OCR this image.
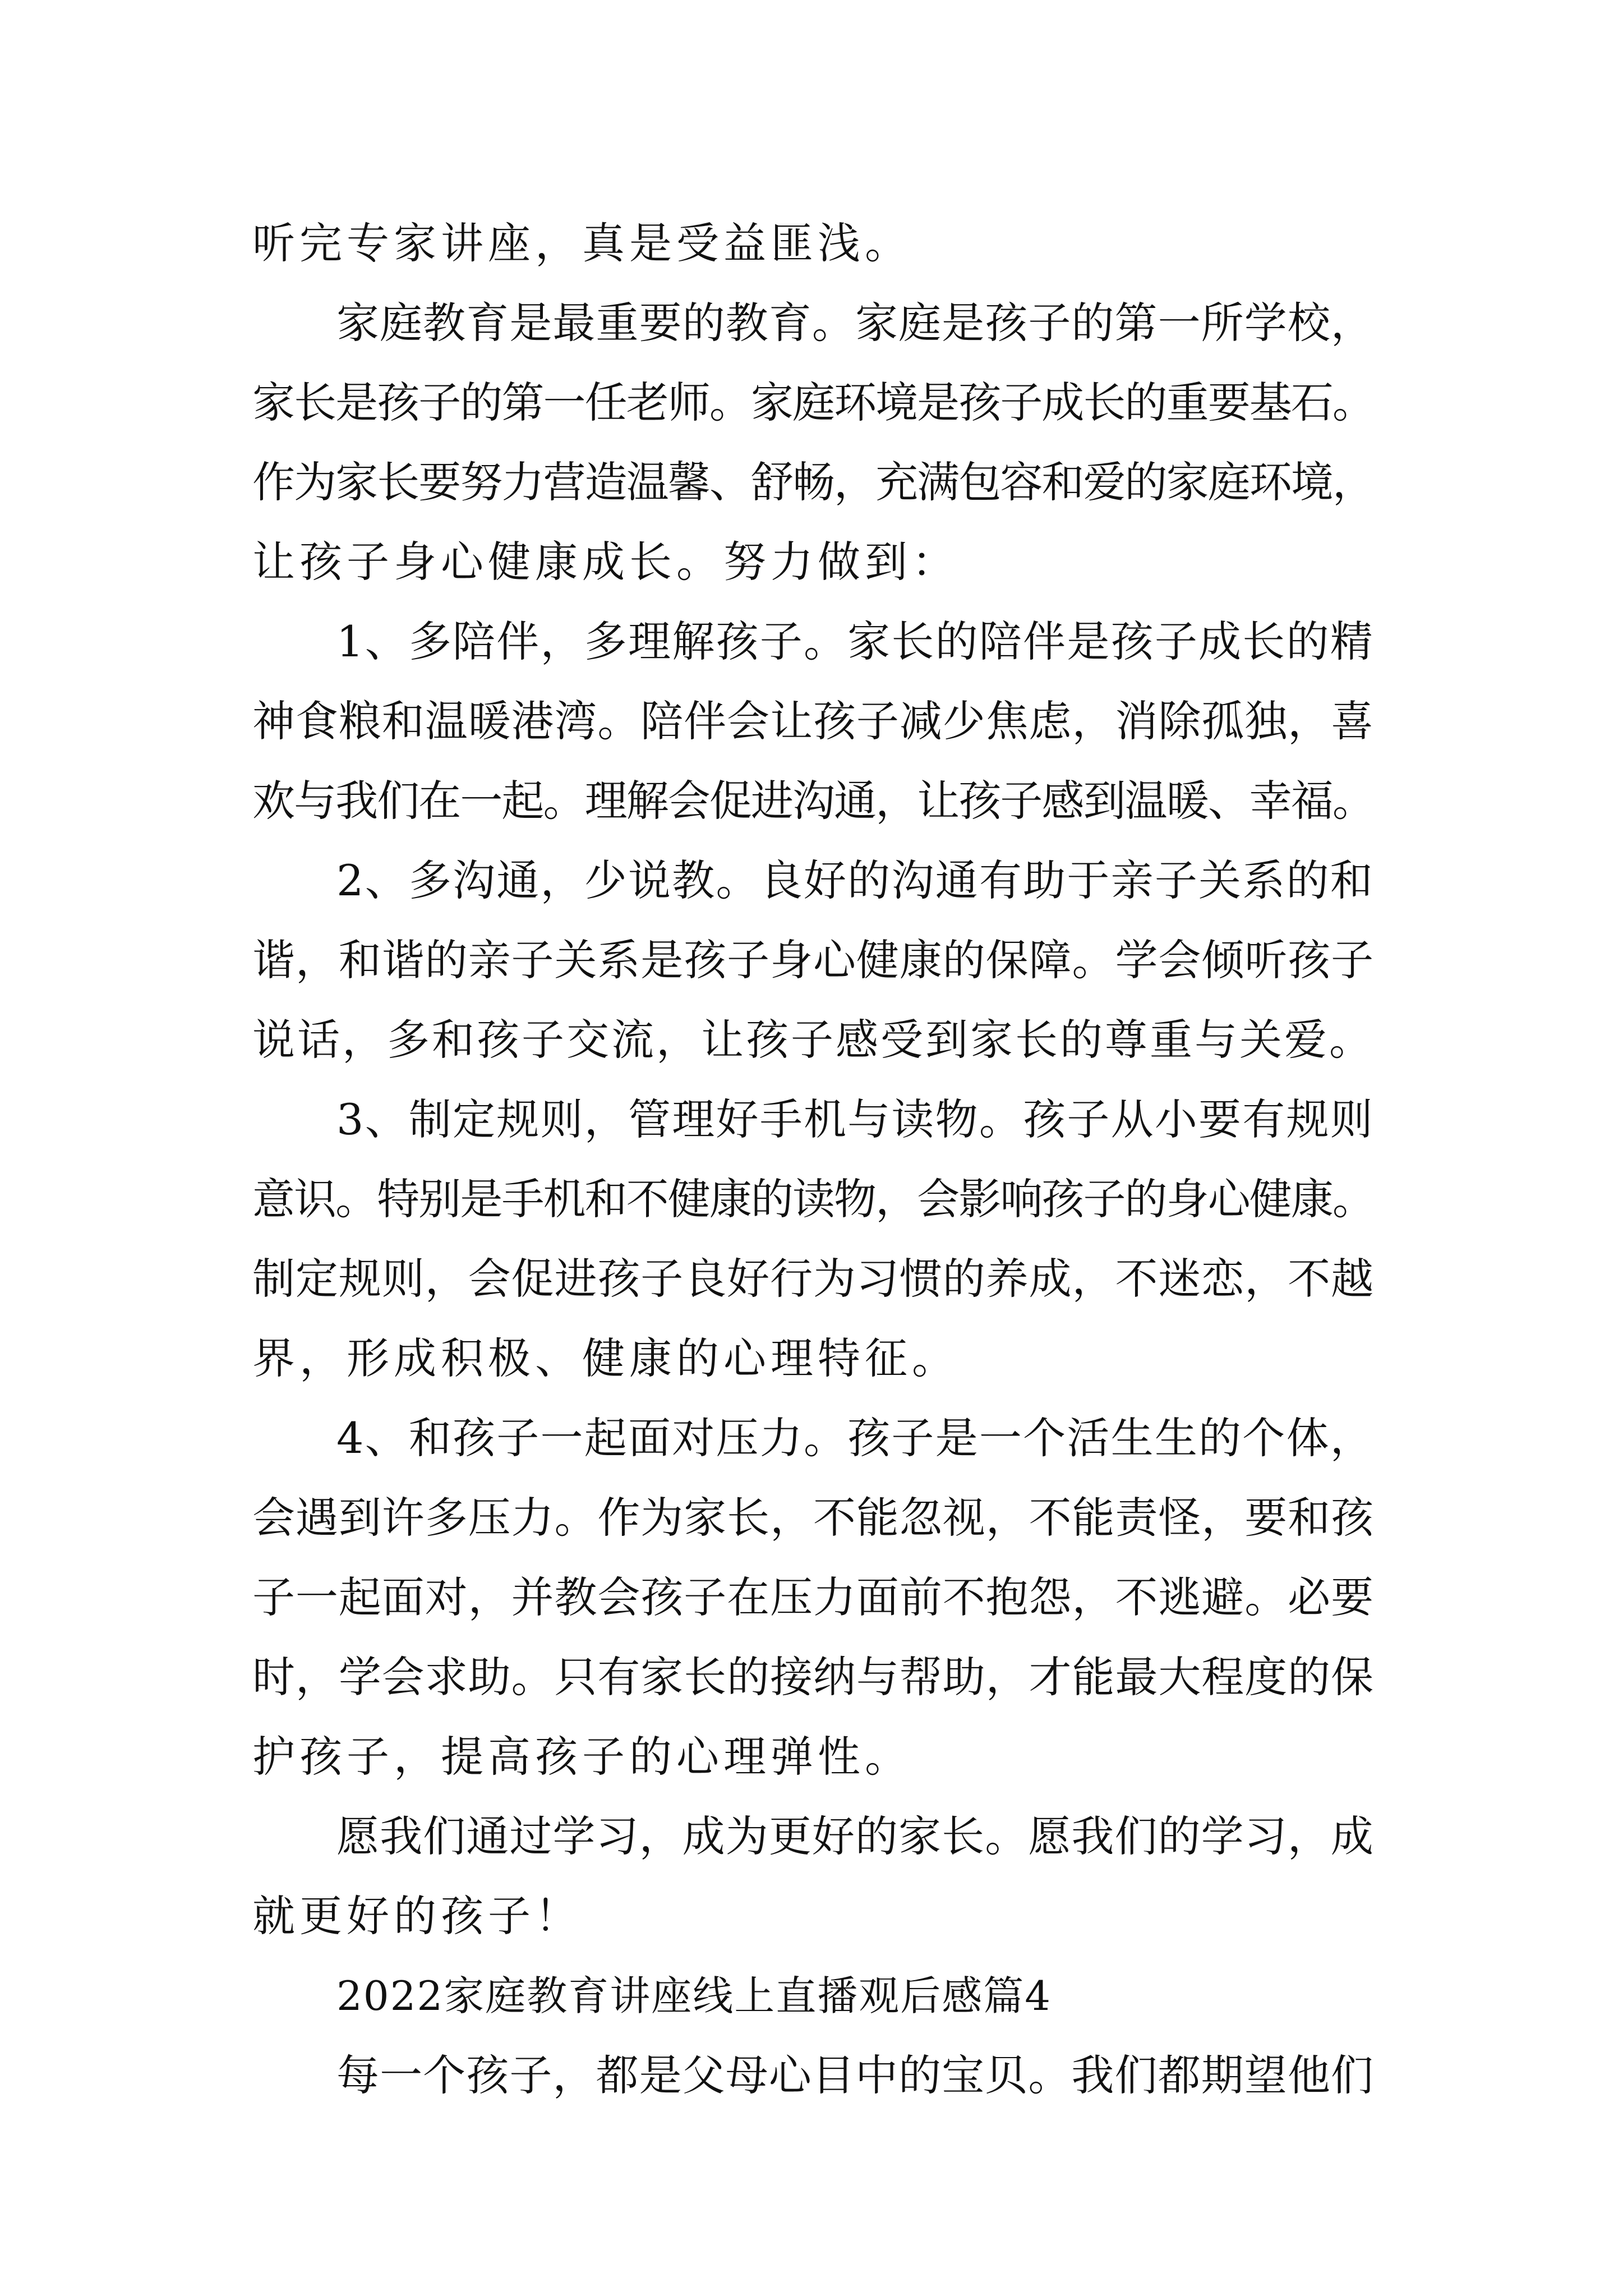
听完专家讲座，真是受益匪浅。
家庭教育是最重要的教育。家庭是孩子的第一所学校，
家长是孩子的第一任老师。家庭环境是孩子成长的重要基石。
作为家长要努力营造温馨、舒畅，充满包容和爱的家庭环境，
让孩子身心健康成长。努力做到：
1、多陪伴，多理解孩子。家长的陪伴是孩子成长的精
神食粮和温暖港湾。陪伴会让孩子减少焦虑，消除孤独，喜
欢与我们在一起。理解会促进沟通，让孩子感到温暖、幸福。
2、多沟通，少说教。良好的沟通有助于亲子关系的和
谐，和谐的亲子关系是孩子身心健康的保障。学会倾听孩子
说话，多和孩子交流，让孩子感受到家长的尊重与关爱。
3、制定规则，管理好手机与读物。孩子从小要有规则
意识。特别是手机和不健康的读物，会影响孩子的身心健康。
制定规则，会促进孩子良好行为习惯的养成，不迷恋，不越
界，形成积极、健康的心理特征。
4、和孩子一起面对压力。孩子是一个活生生的个体，
会遇到许多压力。作为家长，不能忽视，不能责怪，要和孩
子一起面对，并教会孩子在压力面前不抱怨，不逃避。必要
时，学会求助。只有家长的接纳与帮助，才能最大程度的保
护孩子，提高孩子的心理弹性。
愿我们通过学习，成为更好的家长。愿我们的学习，成
就更好的孩子！
2022家庭教育讲座线上直播观后感篇4
每一个孩子，都是父母心目中的宝贝。我们都期望他们
